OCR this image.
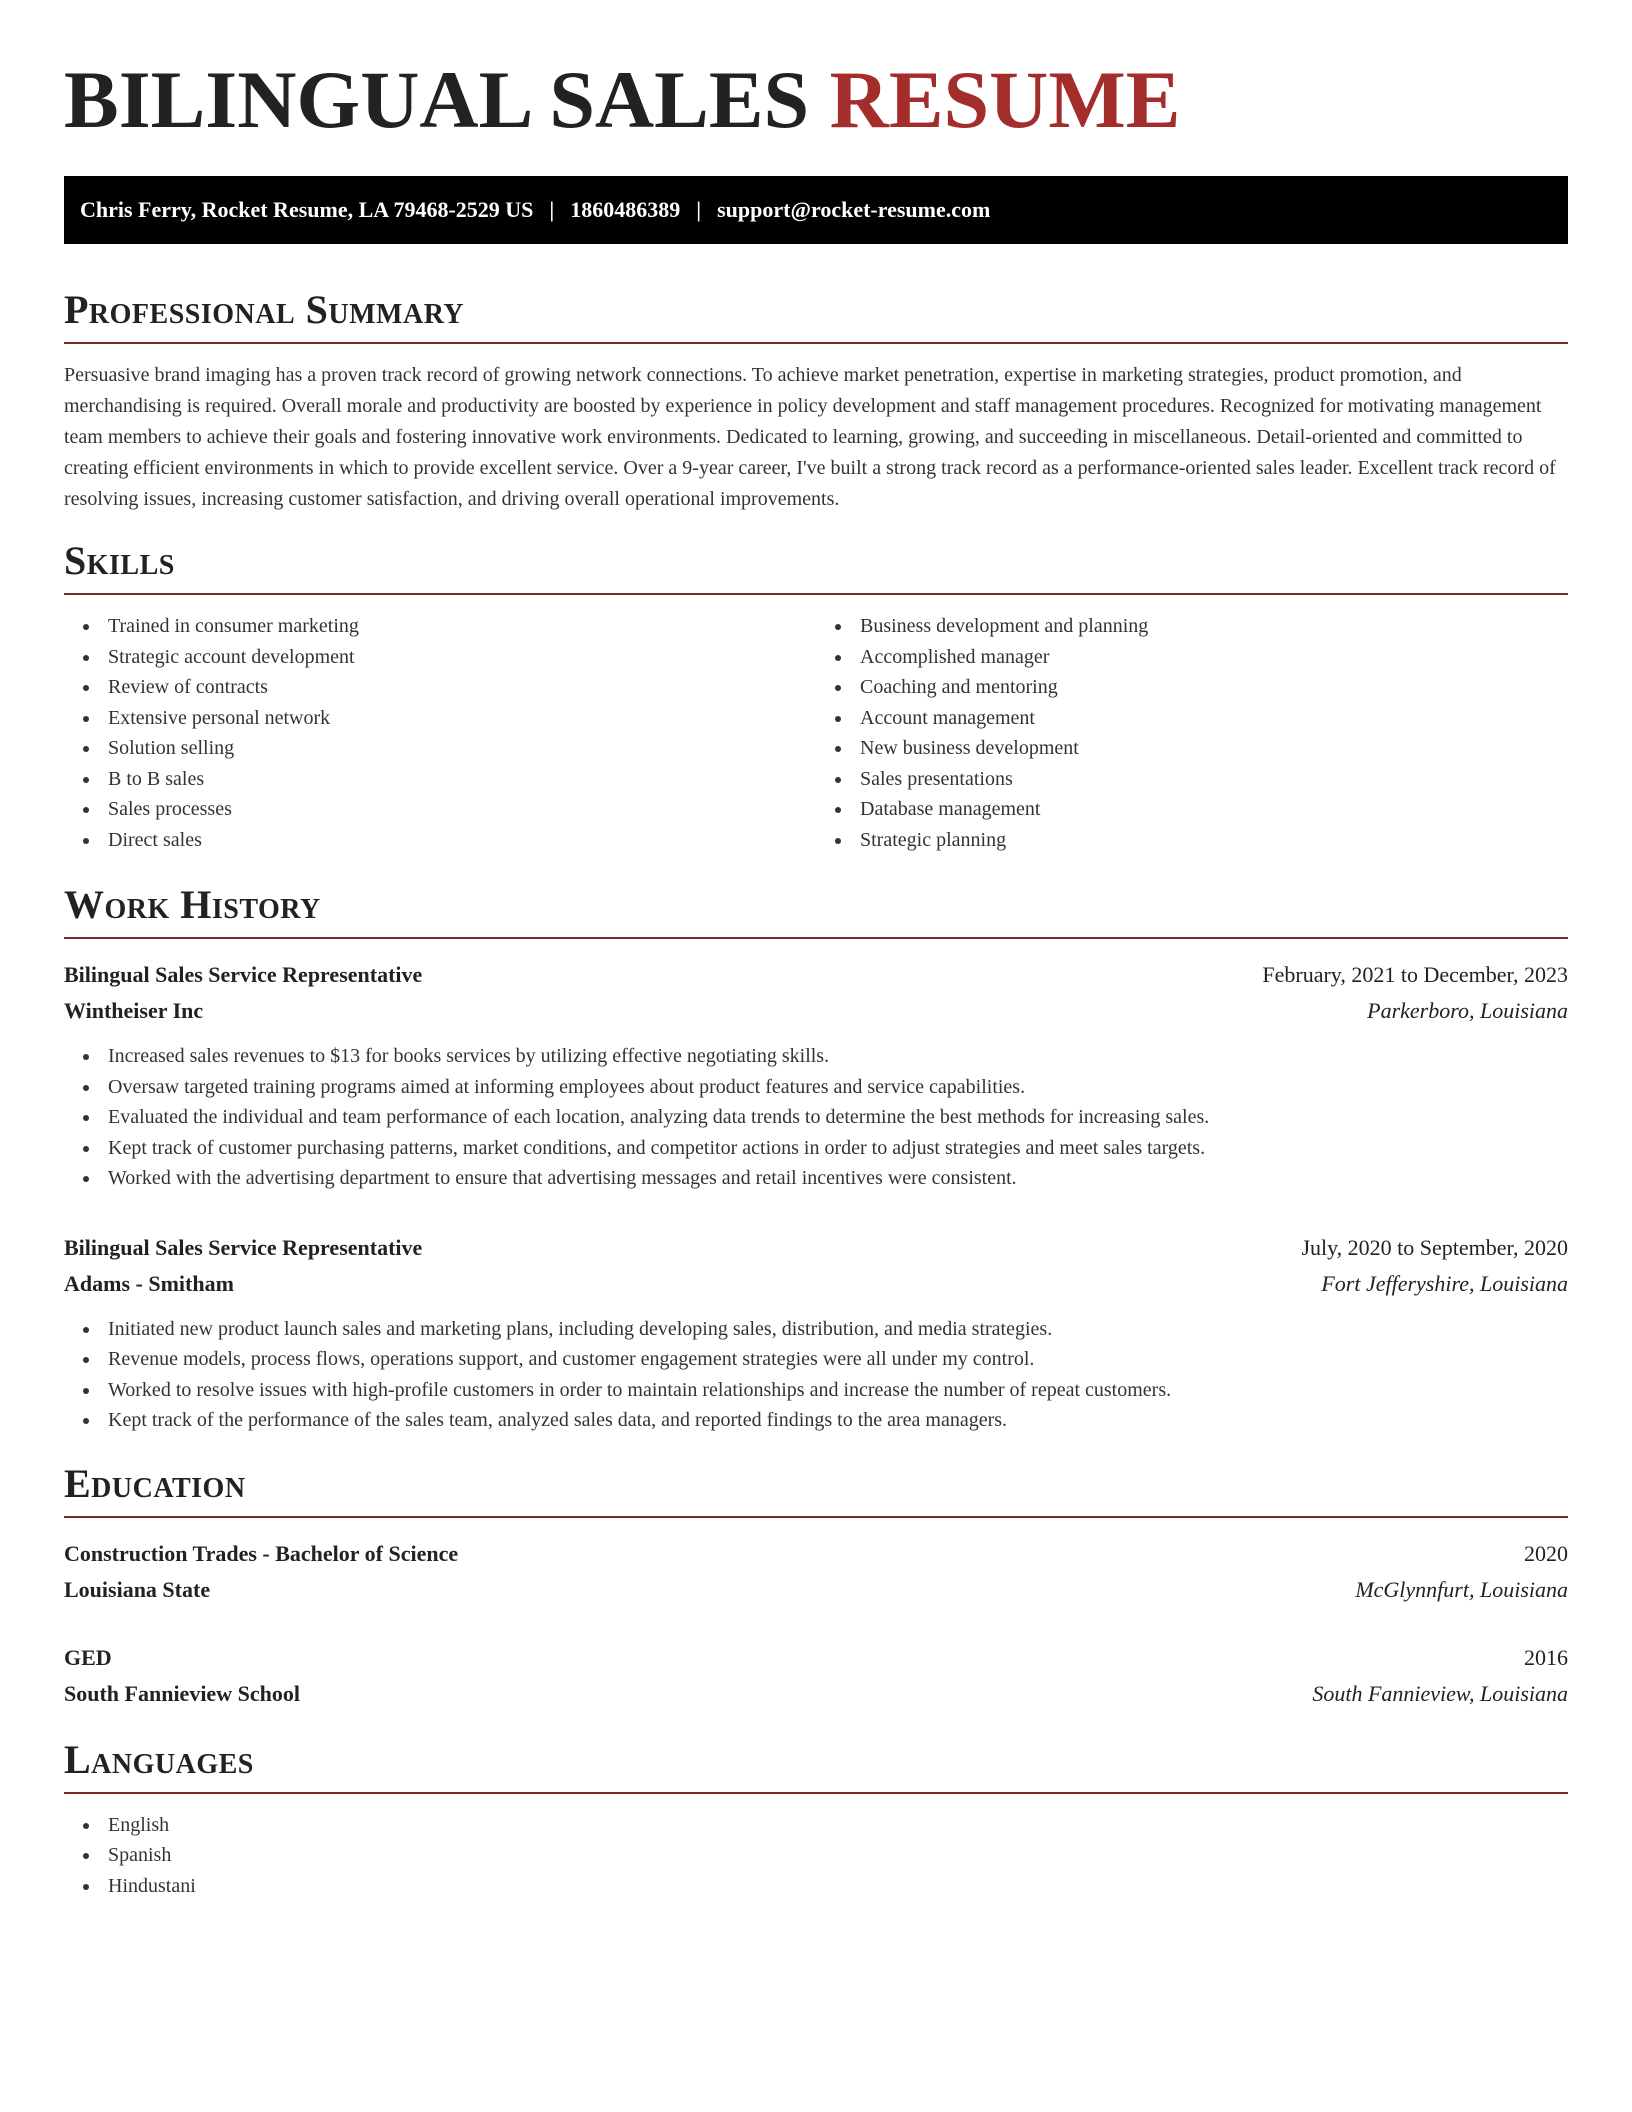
BILINGUAL SALES RESUME
Chris Ferry, Rocket Resume, LA 79468-2529 US | 1860486389 | support@rocket-resume.com
Professional Summary

Persuasive brand imaging has a proven track record of growing network connections. To achieve market penetration, expertise in marketing strategies, product promotion, and merchandising is required. Overall morale and productivity are boosted by experience in policy development and staff management procedures. Recognized for motivating management team members to achieve their goals and fostering innovative work environments. Dedicated to learning, growing, and succeeding in miscellaneous. Detail-oriented and committed to creating efficient environments in which to provide excellent service. Over a 9-year career, I've built a strong track record as a performance-oriented sales leader. Excellent track record of resolving issues, increasing customer satisfaction, and driving overall operational improvements.

Skills
Trained in consumer marketing
Strategic account development
Review of contracts
Extensive personal network
Solution selling
B to B sales
Sales processes
Direct sales
Business development and planning
Accomplished manager
Coaching and mentoring
Account management
New business development
Sales presentations
Database management
Strategic planning
Work History
Bilingual Sales Service Representative	February, 2021 to December, 2023
Wintheiser Inc	Parkerboro, Louisiana
Increased sales revenues to $13 for books services by utilizing effective negotiating skills.
Oversaw targeted training programs aimed at informing employees about product features and service capabilities.
Evaluated the individual and team performance of each location, analyzing data trends to determine the best methods for increasing sales.
Kept track of customer purchasing patterns, market conditions, and competitor actions in order to adjust strategies and meet sales targets.
Worked with the advertising department to ensure that advertising messages and retail incentives were consistent.
Bilingual Sales Service Representative	July, 2020 to September, 2020
Adams - Smitham	Fort Jefferyshire, Louisiana
Initiated new product launch sales and marketing plans, including developing sales, distribution, and media strategies.
Revenue models, process flows, operations support, and customer engagement strategies were all under my control.
Worked to resolve issues with high-profile customers in order to maintain relationships and increase the number of repeat customers.
Kept track of the performance of the sales team, analyzed sales data, and reported findings to the area managers.
Education
Construction Trades - Bachelor of Science	2020
Louisiana State	McGlynnfurt, Louisiana
GED	2016
South Fannieview School	South Fannieview, Louisiana
Languages
English
Spanish
Hindustani
